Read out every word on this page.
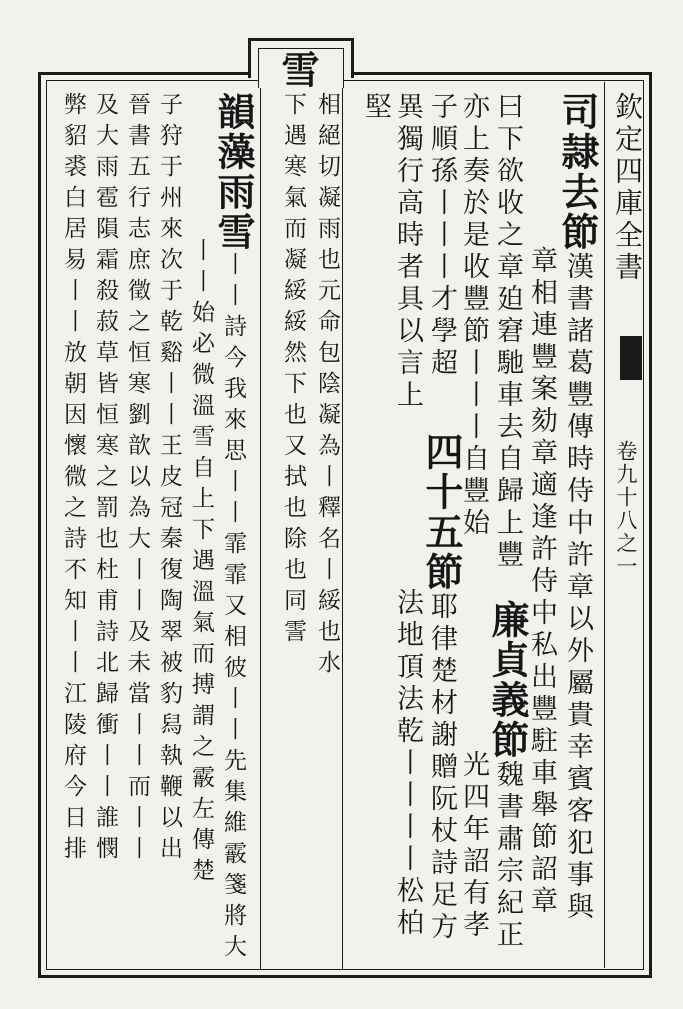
欽定四庫全書
卷九十八之一
雪
司隷去節漢書諸葛豐傳時侍中許章以外屬貴幸賓客犯事與
章相連豐案劾章適逢許侍中私出豐駐車舉節詔章
曰下欲收之章廹窘馳車去自歸上豐
廉貞義節魏書肅宗紀正
亦上奏於是收豐節丨丨丨自豐始
光四年詔有孝
子順孫丨丨丨才學超
四十五節耶律楚材謝贈阮杖詩足方
異獨行高時者具以言上
法地頂法乾丨丨丨丨松柏
堅
相絕切凝雨也元命包陰凝為丨釋名丨綏也水
下遇寒氣而凝綏綏然下也又拭也除也同霅
韻藻雨雪丨丨詩今我來思丨丨霏霏又相彼丨丨先集維霰箋將大
丨丨始必微溫雪自上下遇溫氣而搏謂之霰左傳楚
子狩于州來次于乾谿丨丨王皮冠秦復陶翠被豹舄執鞭以出
晉書五行志庶徵之恒寒劉歆以為大丨丨及未當丨丨而丨丨
及大雨雹隕霜殺菽草皆恒寒之罰也杜甫詩北歸衝丨丨誰憫
弊貂裘白居易丨丨放朝因懷微之詩不知丨丨江陵府今日排
